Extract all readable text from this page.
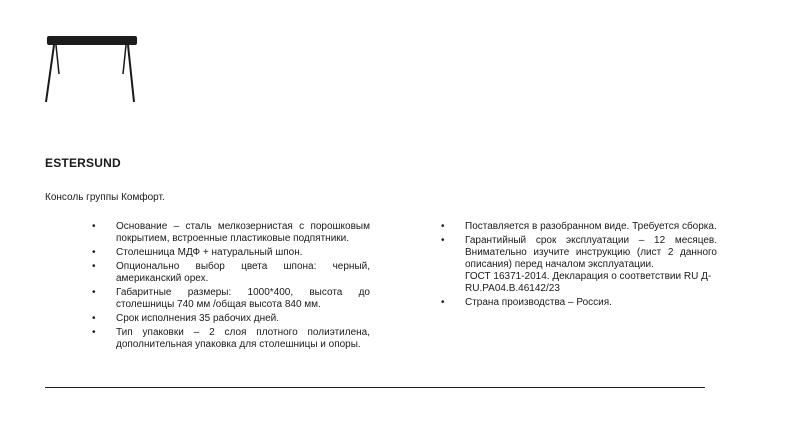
ESTERSUND

Консоль группы Комфорт.

• Основание – сталь мелкозернистая с порошковым покрытием, встроенные пластиковые подпятники.
• Столешница МДФ + натуральный шпон.
• Опционально выбор цвета шпона: черный, американский орех.
• Габаритные размеры: 1000*400, высота до столешницы 740 мм /общая высота 840 мм.
• Срок исполнения 35 рабочих дней.
• Тип упаковки – 2 слоя плотного полиэтилена, дополнительная упаковка для столешницы и опоры.
• Поставляется в разобранном виде. Требуется сборка.
• Гарантийный срок эксплуатации – 12 месяцев. Внимательно изучите инструкцию (лист 2 данного описания) перед началом эксплуатации.
ГОСТ 16371-2014. Декларация о соответствии RU Д-RU.PA04.B.46142/23
• Страна производства – Россия.
